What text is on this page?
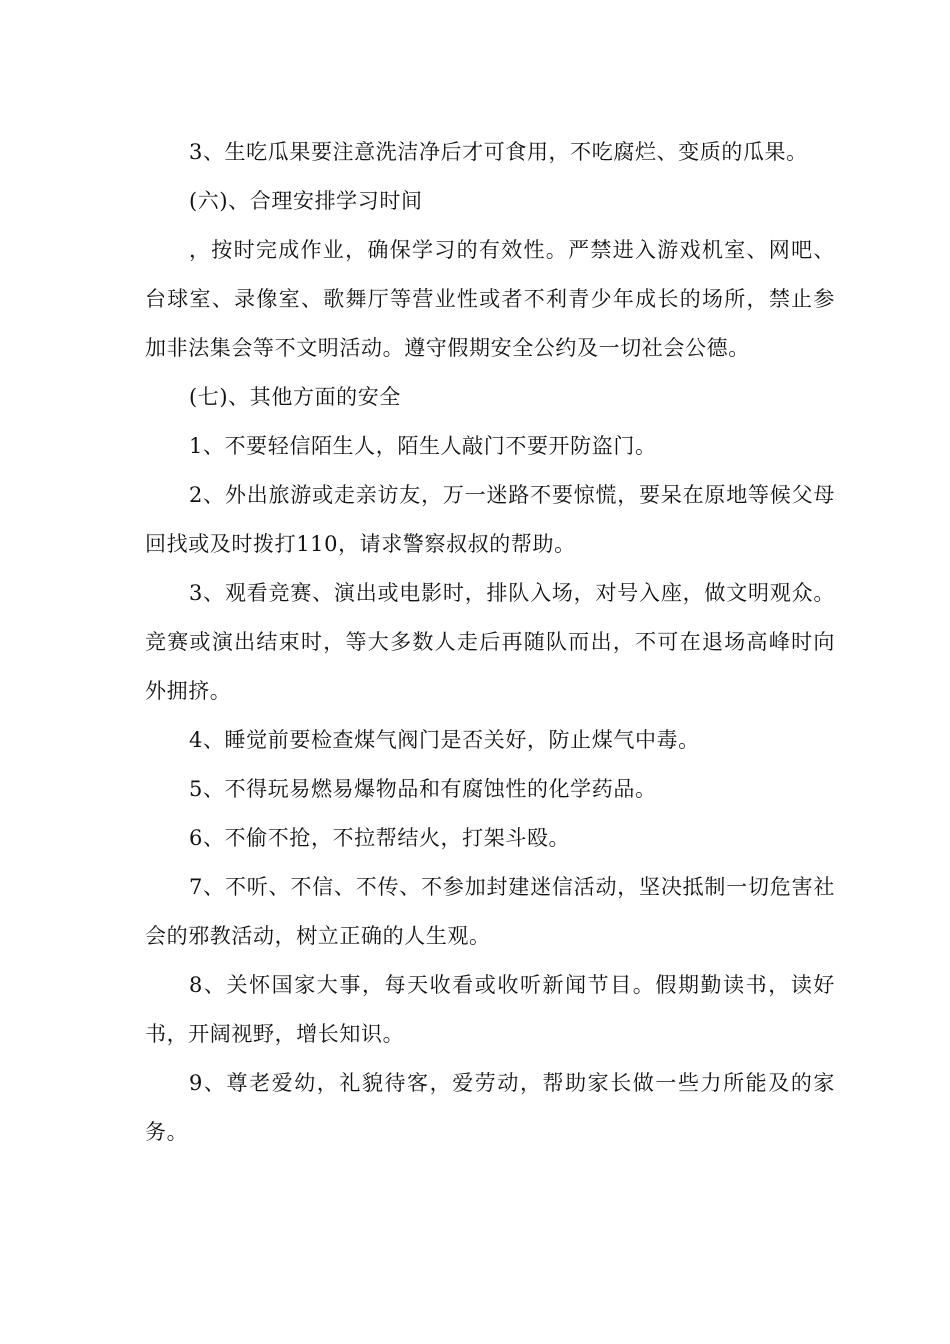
3、生吃瓜果要注意洗洁净后才可食用，不吃腐烂、变质的瓜果。

(六)、合理安排学习时间

，按时完成作业，确保学习的有效性。严禁进入游戏机室、网吧、台球室、录像室、歌舞厅等营业性或者不利青少年成长的场所，禁止参加非法集会等不文明活动。遵守假期安全公约及一切社会公德。

(七)、其他方面的安全

1、不要轻信陌生人，陌生人敲门不要开防盗门。

2、外出旅游或走亲访友，万一迷路不要惊慌，要呆在原地等候父母回找或及时拨打110，请求警察叔叔的帮助。

3、观看竞赛、演出或电影时，排队入场，对号入座，做文明观众。竞赛或演出结束时，等大多数人走后再随队而出，不可在退场高峰时向外拥挤。

4、睡觉前要检查煤气阀门是否关好，防止煤气中毒。

5、不得玩易燃易爆物品和有腐蚀性的化学药品。

6、不偷不抢，不拉帮结火，打架斗殴。

7、不听、不信、不传、不参加封建迷信活动，坚决抵制一切危害社会的邪教活动，树立正确的人生观。

8、关怀国家大事，每天收看或收听新闻节目。假期勤读书，读好书，开阔视野，增长知识。

9、尊老爱幼，礼貌待客，爱劳动，帮助家长做一些力所能及的家务。
